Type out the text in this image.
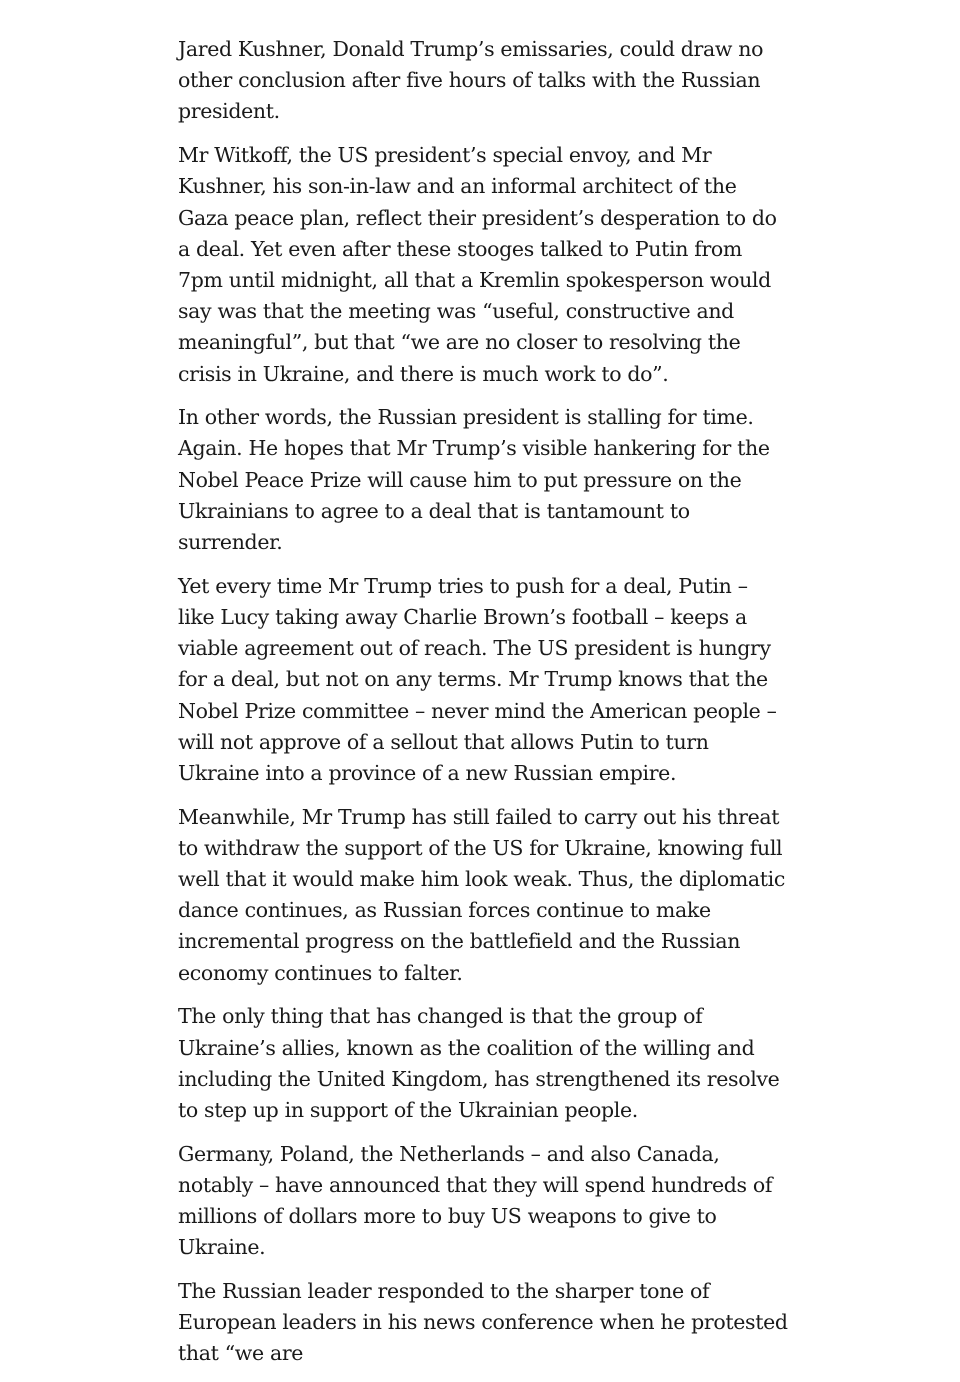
Jared Kushner, Donald Trump’s emissaries, could draw no other conclusion after five hours of talks with the Russian president.

Mr Witkoff, the US president’s special envoy, and Mr Kushner, his son-in-law and an informal architect of the Gaza peace plan, reflect their president’s desperation to do a deal. Yet even after these stooges talked to Putin from 7pm until midnight, all that a Kremlin spokesperson would say was that the meeting was “useful, constructive and meaningful”, but that “we are no closer to resolving the crisis in Ukraine, and there is much work to do”.

In other words, the Russian president is stalling for time. Again. He hopes that Mr Trump’s visible hankering for the Nobel Peace Prize will cause him to put pressure on the Ukrainians to agree to a deal that is tantamount to surrender.

Yet every time Mr Trump tries to push for a deal, Putin – like Lucy taking away Charlie Brown’s football – keeps a viable agreement out of reach. The US president is hungry for a deal, but not on any terms. Mr Trump knows that the Nobel Prize committee – never mind the American people – will not approve of a sellout that allows Putin to turn Ukraine into a province of a new Russian empire.

Meanwhile, Mr Trump has still failed to carry out his threat to withdraw the support of the US for Ukraine, knowing full well that it would make him look weak. Thus, the diplomatic dance continues, as Russian forces continue to make incremental progress on the battlefield and the Russian economy continues to falter.

The only thing that has changed is that the group of Ukraine’s allies, known as the coalition of the willing and including the United Kingdom, has strengthened its resolve to step up in support of the Ukrainian people.

Germany, Poland, the Netherlands – and also Canada, notably – have announced that they will spend hundreds of millions of dollars more to buy US weapons to give to Ukraine.

The Russian leader responded to the sharper tone of European leaders in his news conference when he protested that “we are
